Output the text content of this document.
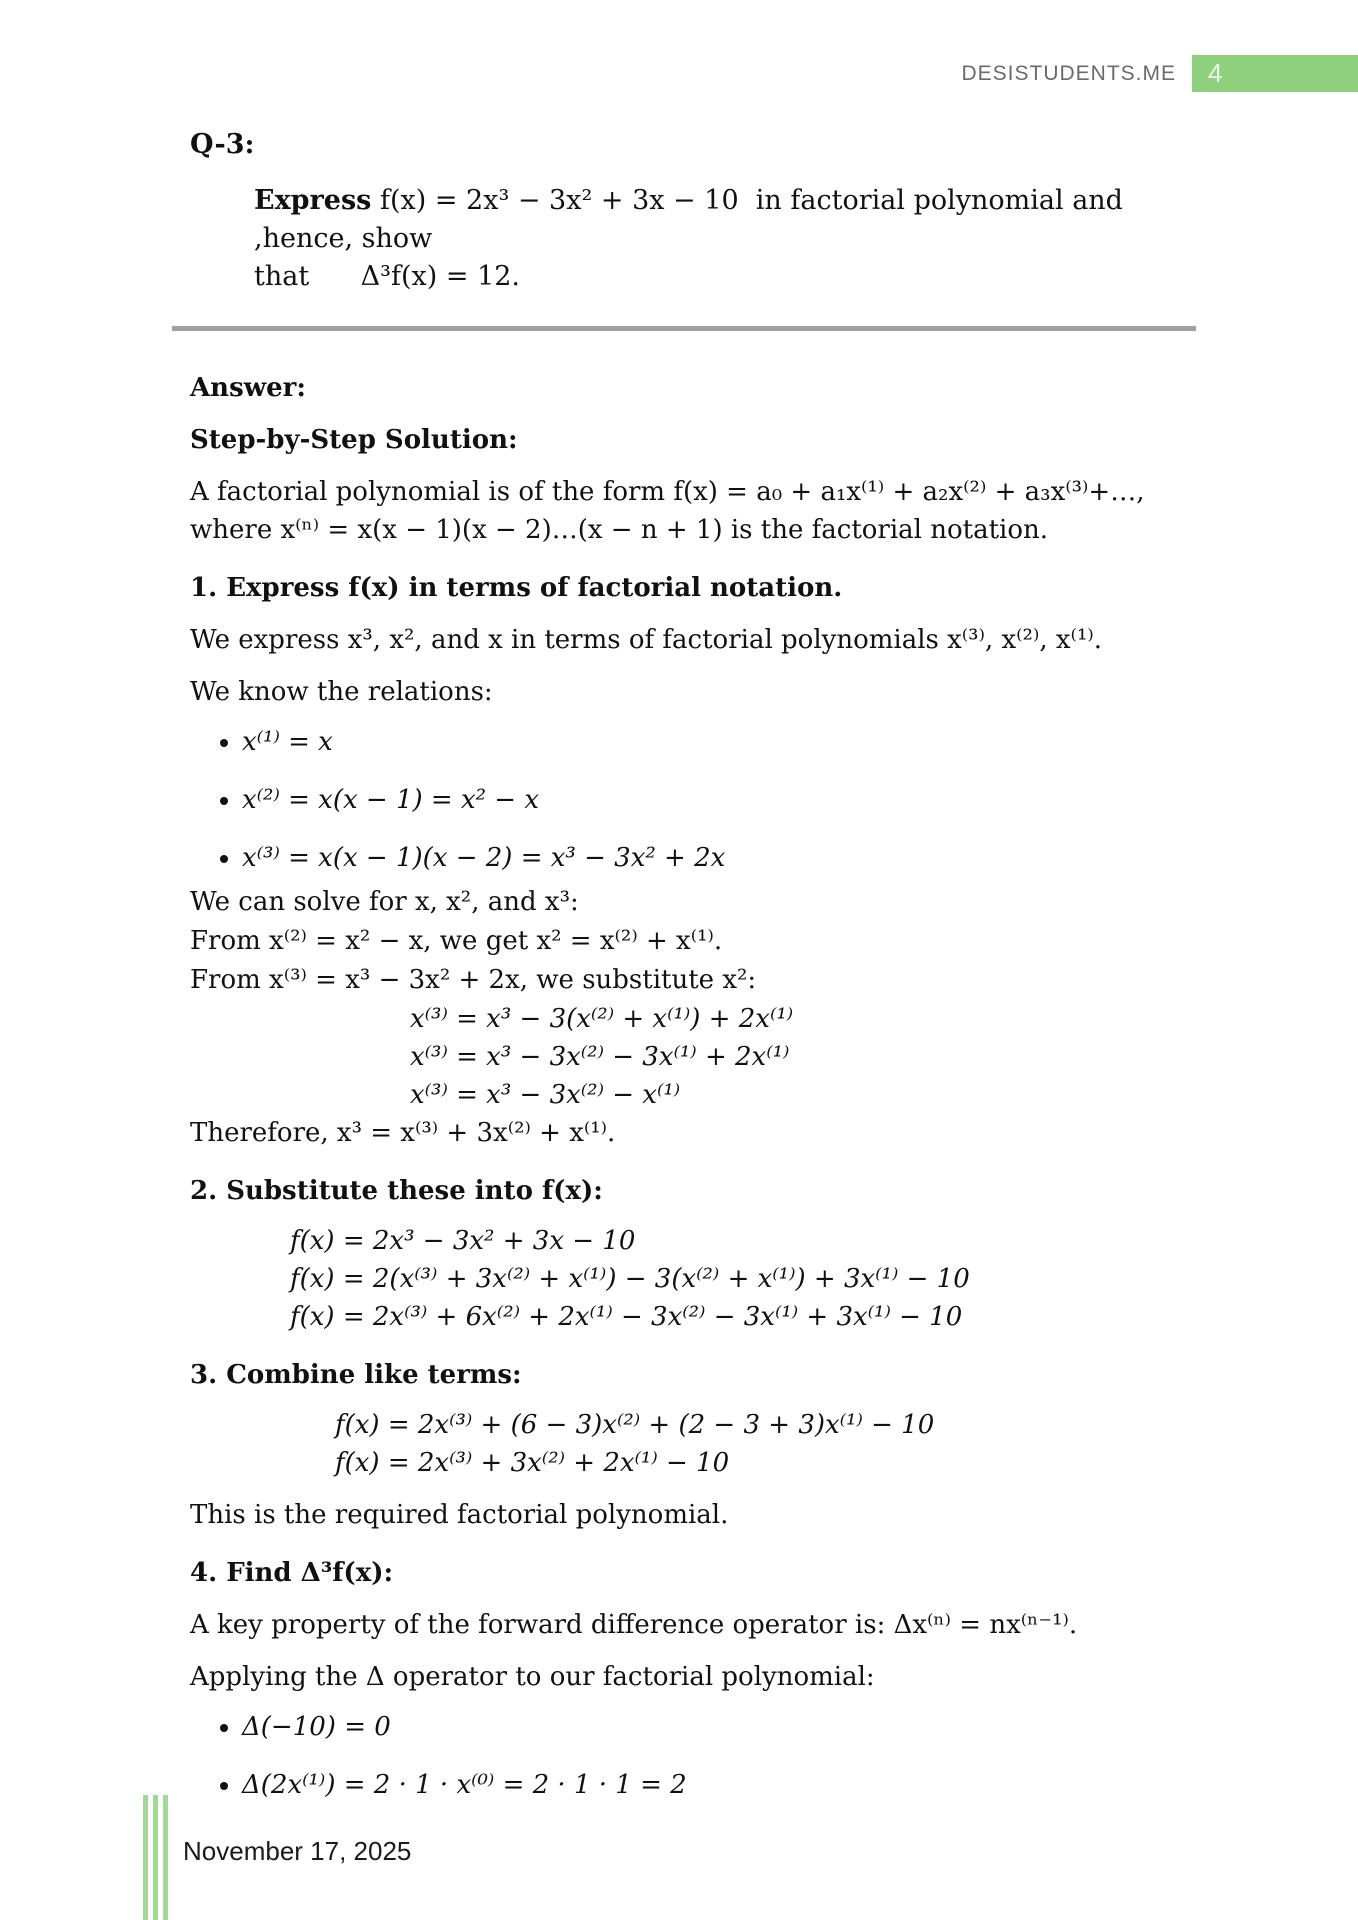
DESISTUDENTS.ME	4
Q-3:
Express f(x) = 2x³ − 3x² + 3x − 10  in factorial polynomial and ,hence, show
that      Δ³f(x) = 12.
Answer:
Step-by-Step Solution:
A factorial polynomial is of the form f(x) = a₀ + a₁x⁽¹⁾ + a₂x⁽²⁾ + a₃x⁽³⁾+…, where x⁽ⁿ⁾ = x(x − 1)(x − 2)…(x − n + 1) is the factorial notation.
1. Express f(x) in terms of factorial notation.
We express x³, x², and x in terms of factorial polynomials x⁽³⁾, x⁽²⁾, x⁽¹⁾.
We know the relations:
• x⁽¹⁾ = x
• x⁽²⁾ = x(x − 1) = x² − x
• x⁽³⁾ = x(x − 1)(x − 2) = x³ − 3x² + 2x
We can solve for x, x², and x³:
From x⁽²⁾ = x² − x, we get x² = x⁽²⁾ + x⁽¹⁾.
From x⁽³⁾ = x³ − 3x² + 2x, we substitute x²:
x⁽³⁾ = x³ − 3(x⁽²⁾ + x⁽¹⁾) + 2x⁽¹⁾
x⁽³⁾ = x³ − 3x⁽²⁾ − 3x⁽¹⁾ + 2x⁽¹⁾
x⁽³⁾ = x³ − 3x⁽²⁾ − x⁽¹⁾
Therefore, x³ = x⁽³⁾ + 3x⁽²⁾ + x⁽¹⁾.
2. Substitute these into f(x):
f(x) = 2x³ − 3x² + 3x − 10
f(x) = 2(x⁽³⁾ + 3x⁽²⁾ + x⁽¹⁾) − 3(x⁽²⁾ + x⁽¹⁾) + 3x⁽¹⁾ − 10
f(x) = 2x⁽³⁾ + 6x⁽²⁾ + 2x⁽¹⁾ − 3x⁽²⁾ − 3x⁽¹⁾ + 3x⁽¹⁾ − 10
3. Combine like terms:
f(x) = 2x⁽³⁾ + (6 − 3)x⁽²⁾ + (2 − 3 + 3)x⁽¹⁾ − 10
f(x) = 2x⁽³⁾ + 3x⁽²⁾ + 2x⁽¹⁾ − 10
This is the required factorial polynomial.
4. Find Δ³f(x):
A key property of the forward difference operator is: Δx⁽ⁿ⁾ = nx⁽ⁿ⁻¹⁾.
Applying the Δ operator to our factorial polynomial:
• Δ(−10) = 0
• Δ(2x⁽¹⁾) = 2 · 1 · x⁽⁰⁾ = 2 · 1 · 1 = 2
November 17, 2025
